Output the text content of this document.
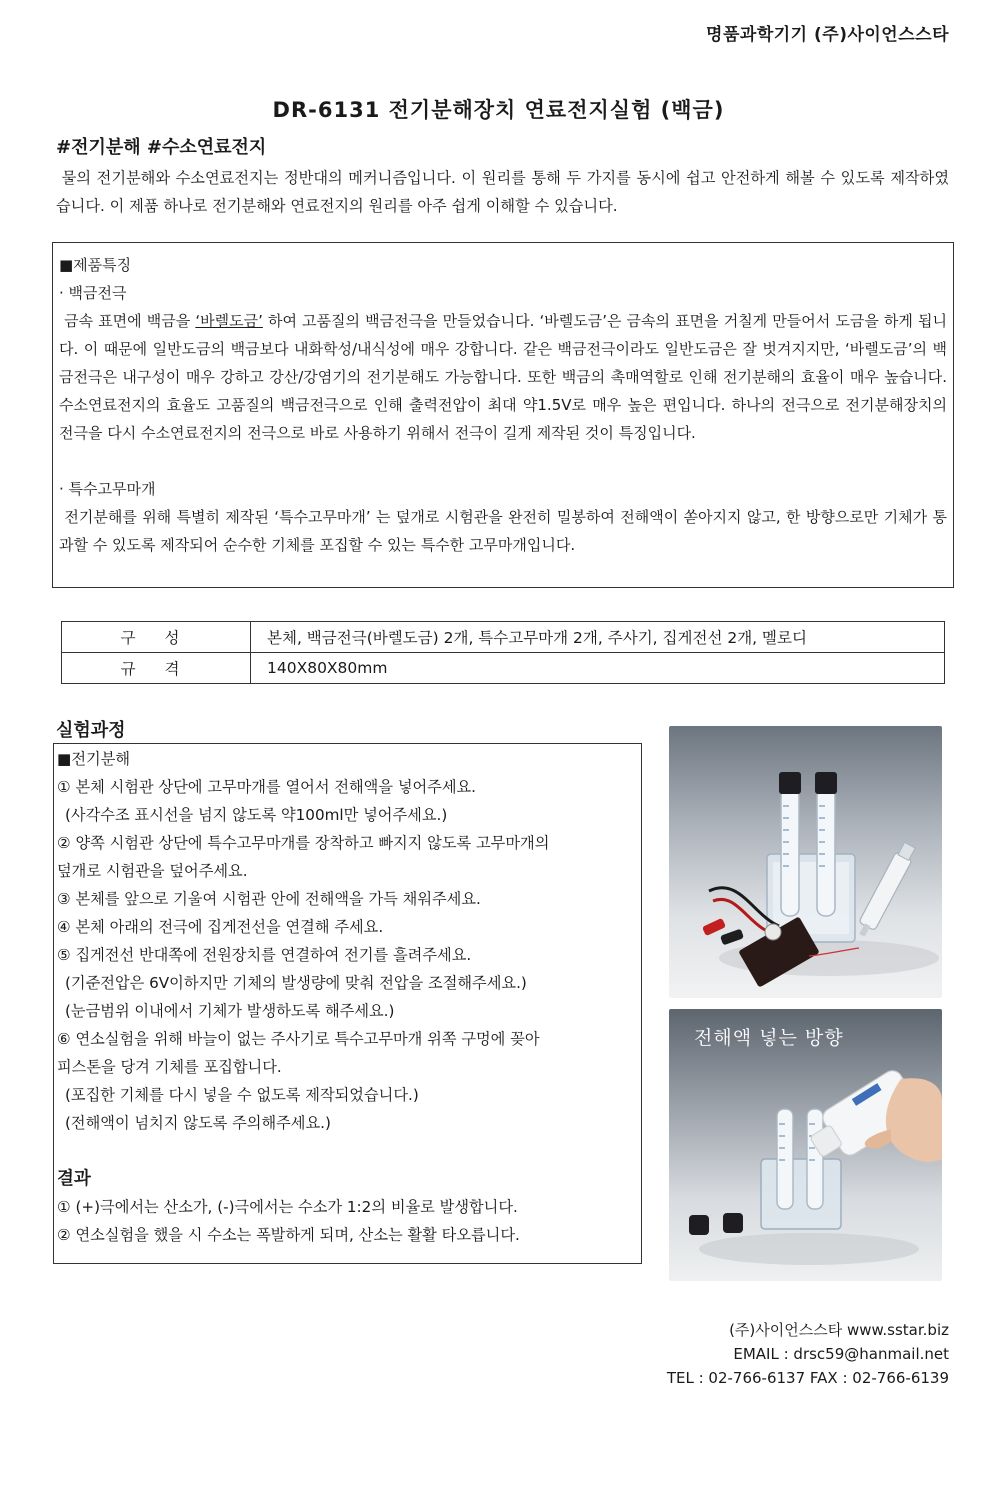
명품과학기기 (주)사이언스스타
DR-6131 전기분해장치 연료전지실험 (백금)
#전기분해 #수소연료전지

물의 전기분해와 수소연료전지는 정반대의 메커니즘입니다. 이 원리를 통해 두 가지를 동시에 쉽고 안전하게 해볼 수 있도록 제작하였습니다. 이 제품 하나로 전기분해와 연료전지의 원리를 아주 쉽게 이해할 수 있습니다.

■제품특징

· 백금전극

금속 표면에 백금을 ‘바렐도금’ 하여 고품질의 백금전극을 만들었습니다. ‘바렐도금’은 금속의 표면을 거칠게 만들어서 도금을 하게 됩니다. 이 때문에 일반도금의 백금보다 내화학성/내식성에 매우 강합니다. 같은 백금전극이라도 일반도금은 잘 벗겨지지만, ‘바렐도금’의 백금전극은 내구성이 매우 강하고 강산/강염기의 전기분해도 가능합니다. 또한 백금의 촉매역할로 인해 전기분해의 효율이 매우 높습니다. 수소연료전지의 효율도 고품질의 백금전극으로 인해 출력전압이 최대 약1.5V로 매우 높은 편입니다. 하나의 전극으로 전기분해장치의 전극을 다시 수소연료전지의 전극으로 바로 사용하기 위해서 전극이 길게 제작된 것이 특징입니다.

· 특수고무마개

전기분해를 위해 특별히 제작된 ‘특수고무마개’ 는 덮개로 시험관을 완전히 밀봉하여 전해액이 쏟아지지 않고, 한 방향으로만 기체가 통과할 수 있도록 제작되어 순수한 기체를 포집할 수 있는 특수한 고무마개입니다.

구 성	본체, 백금전극(바렐도금) 2개, 특수고무마개 2개, 주사기, 집게전선 2개, 멜로디
규 격	140X80X80mm
실험과정

■전기분해

① 본체 시험관 상단에 고무마개를 열어서 전해액을 넣어주세요.

(사각수조 표시선을 넘지 않도록 약100ml만 넣어주세요.)

② 양쪽 시험관 상단에 특수고무마개를 장착하고 빠지지 않도록 고무마개의

덮개로 시험관을 덮어주세요.

③ 본체를 앞으로 기울여 시험관 안에 전해액을 가득 채워주세요.

④ 본체 아래의 전극에 집게전선을 연결해 주세요.

⑤ 집게전선 반대쪽에 전원장치를 연결하여 전기를 흘려주세요.

(기준전압은 6V이하지만 기체의 발생량에 맞춰 전압을 조절해주세요.)

(눈금범위 이내에서 기체가 발생하도록 해주세요.)

⑥ 연소실험을 위해 바늘이 없는 주사기로 특수고무마개 위쪽 구멍에 꽂아

피스톤을 당겨 기체를 포집합니다.

(포집한 기체를 다시 넣을 수 없도록 제작되었습니다.)

(전해액이 넘치지 않도록 주의해주세요.)

결과

① (+)극에서는 산소가, (-)극에서는 수소가 1:2의 비율로 발생합니다.

② 연소실험을 했을 시 수소는 폭발하게 되며, 산소는 활활 타오릅니다.

전해액 넣는 방향
(주)사이언스스타 www.sstar.biz
EMAIL : drsc59@hanmail.net
TEL : 02-766-6137 FAX : 02-766-6139
